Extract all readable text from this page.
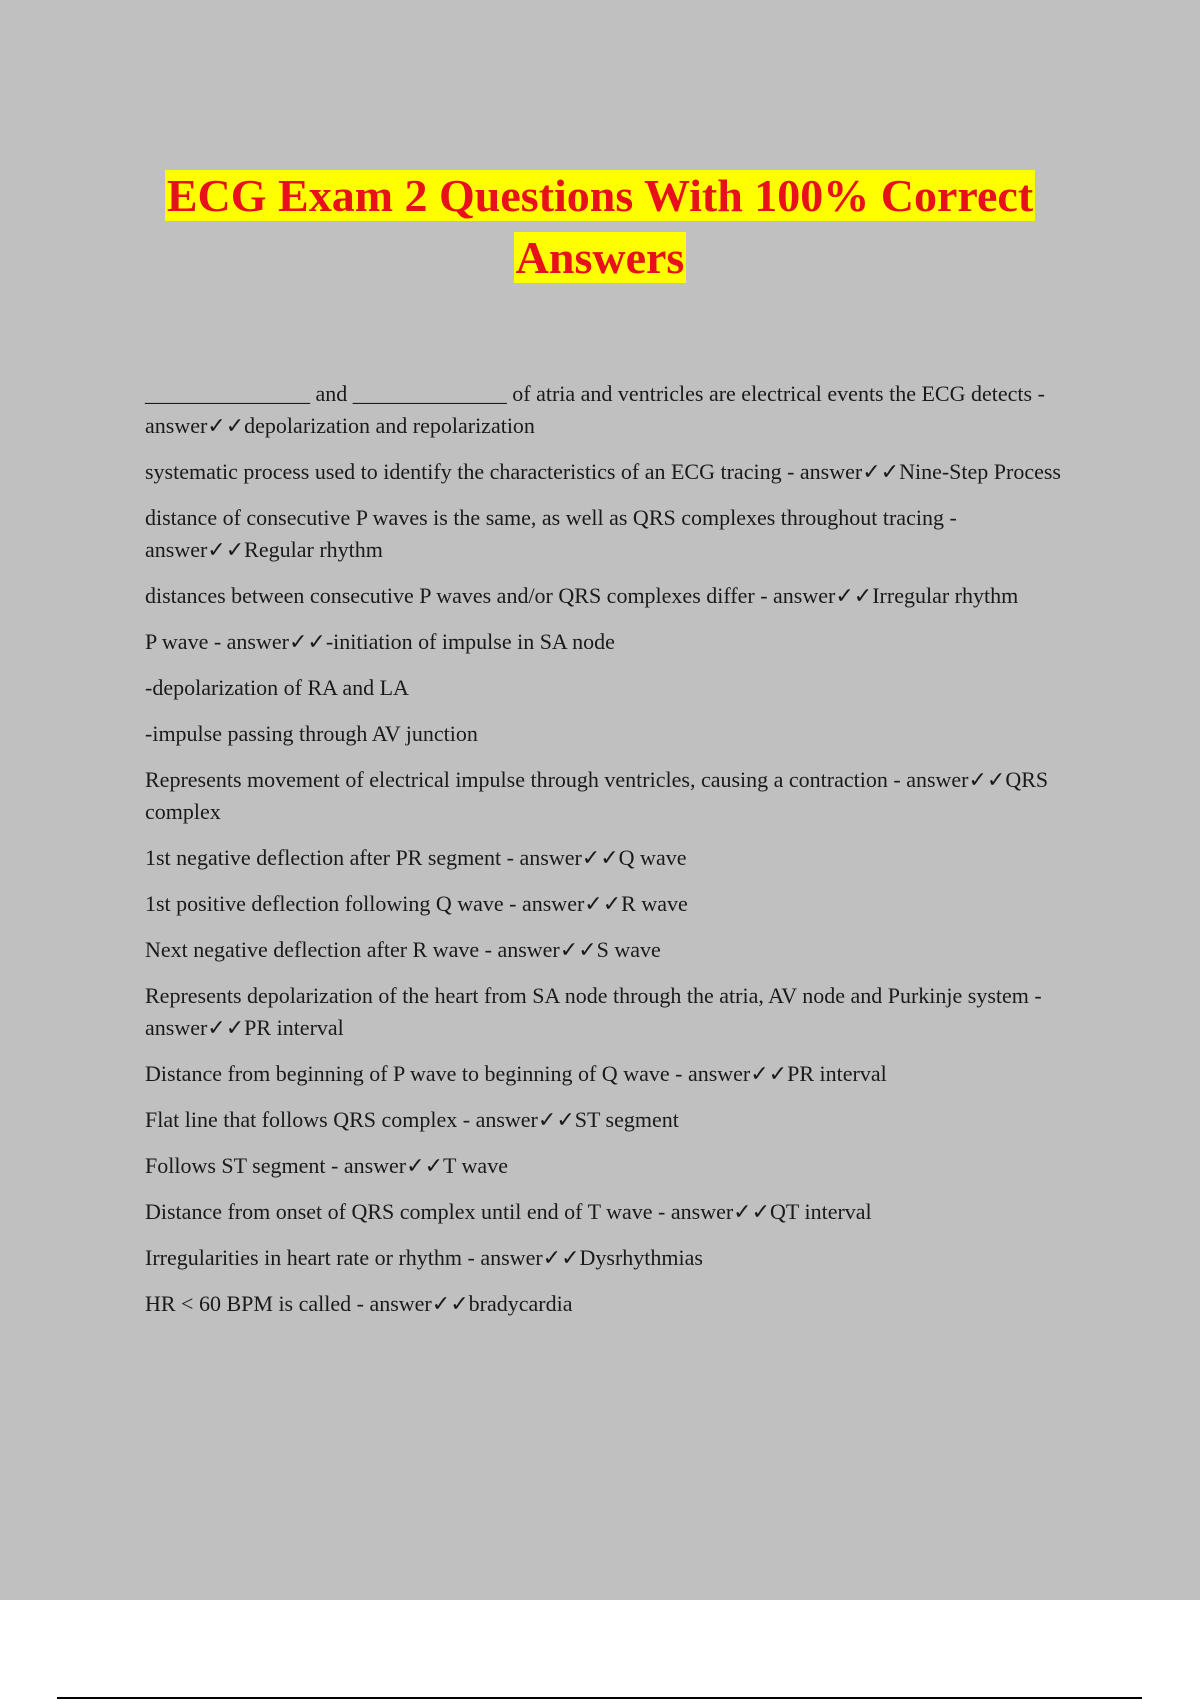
ECG Exam 2 Questions With 100% Correct
Answers

_______________ and ______________ of atria and ventricles are electrical events the ECG detects - answer✓✓depolarization and repolarization

systematic process used to identify the characteristics of an ECG tracing - answer✓✓Nine-Step Process

distance of consecutive P waves is the same, as well as QRS complexes throughout tracing - answer✓✓Regular rhythm

distances between consecutive P waves and/or QRS complexes differ - answer✓✓Irregular rhythm

P wave - answer✓✓-initiation of impulse in SA node

-depolarization of RA and LA

-impulse passing through AV junction

Represents movement of electrical impulse through ventricles, causing a contraction - answer✓✓QRS complex

1st negative deflection after PR segment - answer✓✓Q wave

1st positive deflection following Q wave - answer✓✓R wave

Next negative deflection after R wave - answer✓✓S wave

Represents depolarization of the heart from SA node through the atria, AV node and Purkinje system - answer✓✓PR interval

Distance from beginning of P wave to beginning of Q wave - answer✓✓PR interval

Flat line that follows QRS complex - answer✓✓ST segment

Follows ST segment - answer✓✓T wave

Distance from onset of QRS complex until end of T wave - answer✓✓QT interval

Irregularities in heart rate or rhythm - answer✓✓Dysrhythmias

HR < 60 BPM is called - answer✓✓bradycardia
